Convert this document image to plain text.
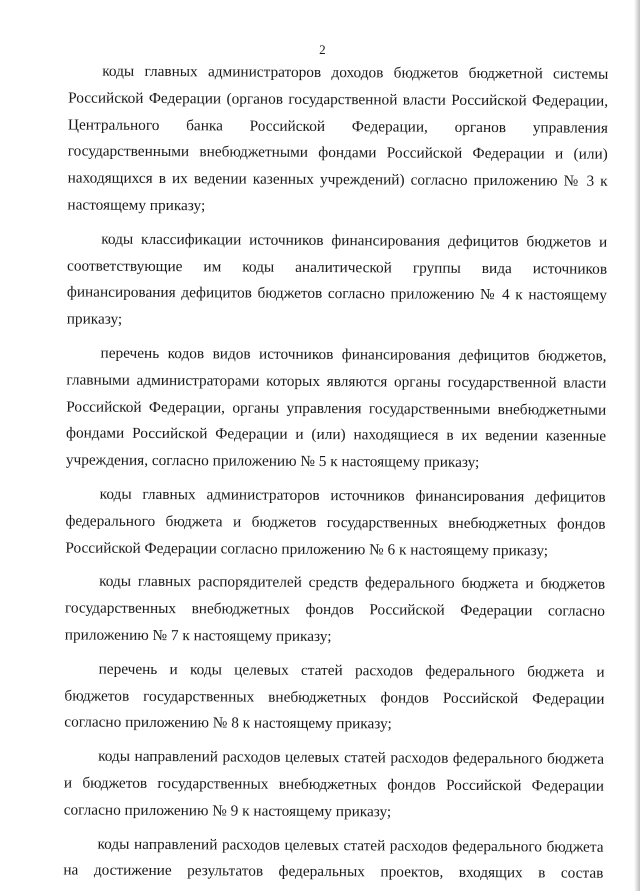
2

коды главных администраторов доходов бюджетов бюджетной системы Российской Федерации (органов государственной власти Российской Федерации, Центрального банка Российской Федерации, органов управления государственными внебюджетными фондами Российской Федерации и (или) находящихся в их ведении казенных учреждений) согласно приложению № 3 к настоящему приказу;

коды классификации источников финансирования дефицитов бюджетов и соответствующие им коды аналитической группы вида источников финансирования дефицитов бюджетов согласно приложению № 4 к настоящему приказу;

перечень кодов видов источников финансирования дефицитов бюджетов, главными администраторами которых являются органы государственной власти Российской Федерации, органы управления государственными внебюджетными фондами Российской Федерации и (или) находящиеся в их ведении казенные учреждения, согласно приложению № 5 к настоящему приказу;

коды главных администраторов источников финансирования дефицитов федерального бюджета и бюджетов государственных внебюджетных фондов Российской Федерации согласно приложению № 6 к настоящему приказу;

коды главных распорядителей средств федерального бюджета и бюджетов государственных внебюджетных фондов Российской Федерации согласно приложению № 7 к настоящему приказу;

перечень и коды целевых статей расходов федерального бюджета и бюджетов государственных внебюджетных фондов Российской Федерации согласно приложению № 8 к настоящему приказу;

коды направлений расходов целевых статей расходов федерального бюджета и бюджетов государственных внебюджетных фондов Российской Федерации согласно приложению № 9 к настоящему приказу;

коды направлений расходов целевых статей расходов федерального бюджета на достижение результатов федеральных проектов, входящих в состав
